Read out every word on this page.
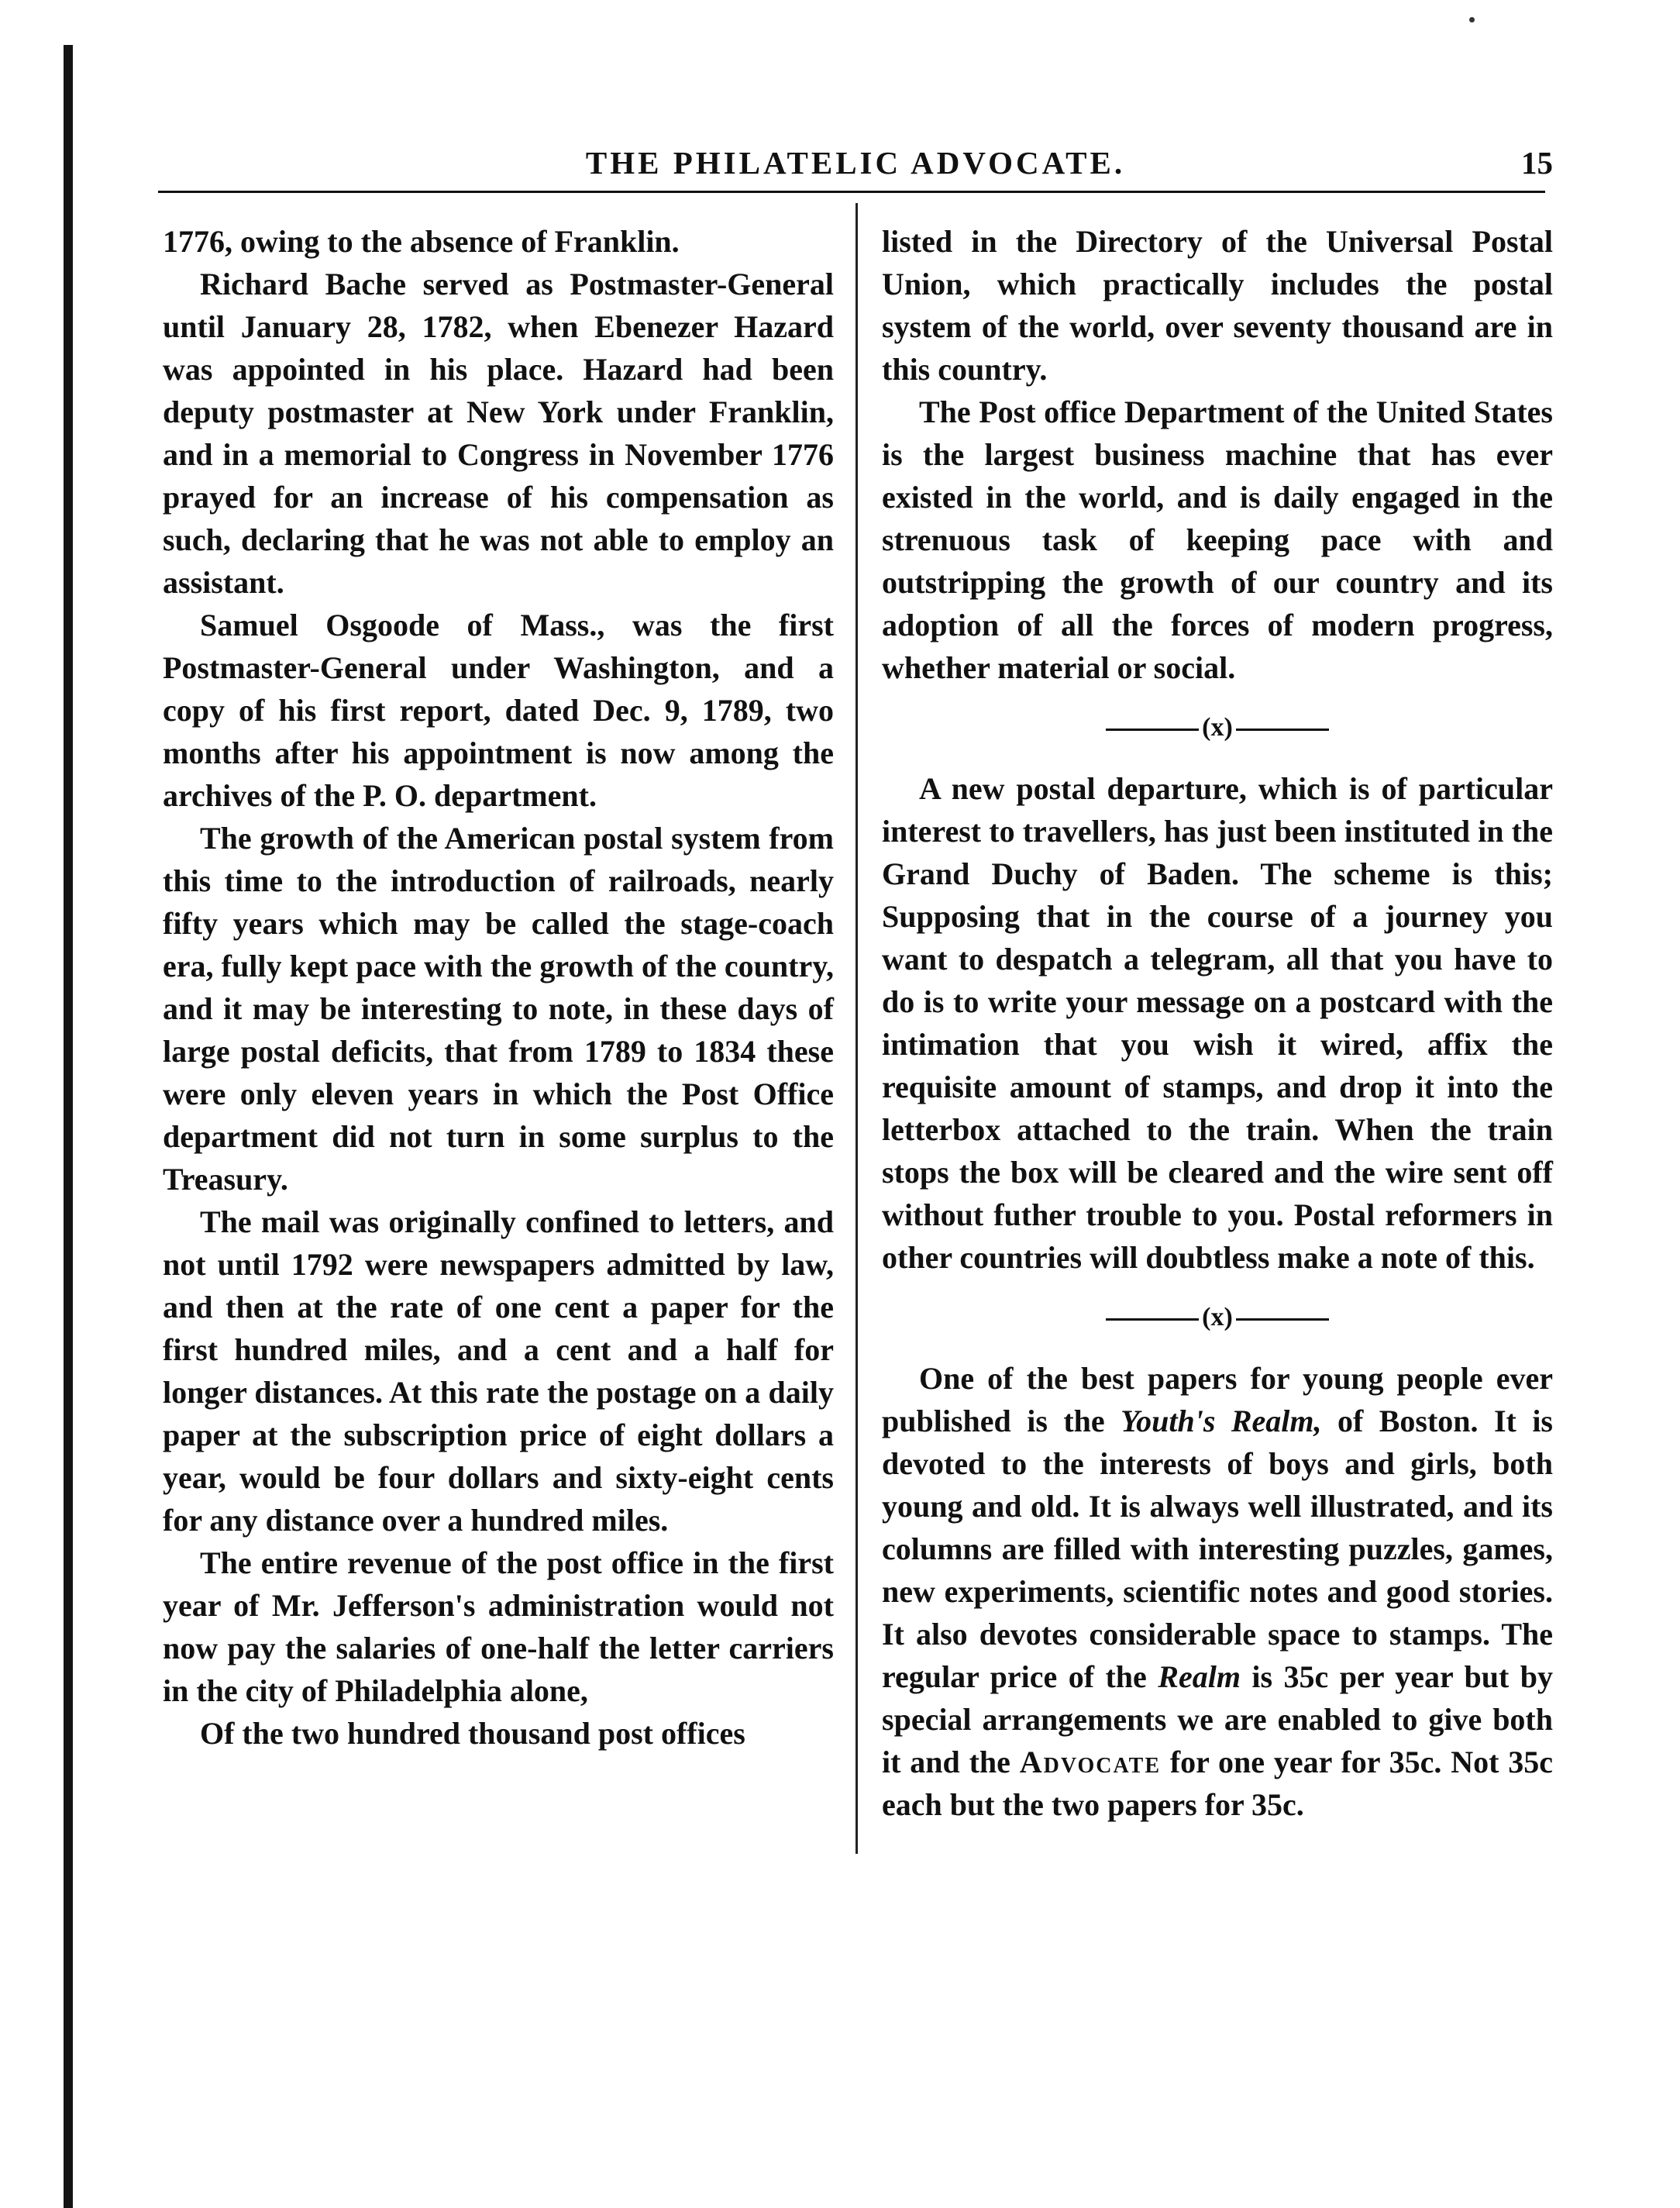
THE PHILATELIC ADVOCATE.	15

1776, owing to the absence of Franklin.

Richard Bache served as Postmaster-General until January 28, 1782, when Ebenezer Hazard was appointed in his place. Hazard had been deputy postmaster at New York under Franklin, and in a memorial to Congress in November 1776 prayed for an increase of his compensation as such, declaring that he was not able to employ an assistant.

Samuel Osgoode of Mass., was the first Postmaster-General under Washington, and a copy of his first report, dated Dec. 9, 1789, two months after his appointment is now among the archives of the P. O. department.

The growth of the American postal system from this time to the introduction of railroads, nearly fifty years which may be called the stage-coach era, fully kept pace with the growth of the country, and it may be interesting to note, in these days of large postal deficits, that from 1789 to 1834 these were only eleven years in which the Post Office department did not turn in some surplus to the Treasury.

The mail was originally confined to letters, and not until 1792 were newspapers admitted by law, and then at the rate of one cent a paper for the first hundred miles, and a cent and a half for longer distances. At this rate the postage on a daily paper at the subscription price of eight dollars a year, would be four dollars and sixty-eight cents for any distance over a hundred miles.

The entire revenue of the post office in the first year of Mr. Jefferson's administration would not now pay the salaries of one-half the letter carriers in the city of Philadelphia alone,

Of the two hundred thousand post offices

listed in the Directory of the Universal Postal Union, which practically includes the postal system of the world, over seventy thousand are in this country.

The Post office Department of the United States is the largest business machine that has ever existed in the world, and is daily engaged in the strenuous task of keeping pace with and outstripping the growth of our country and its adoption of all the forces of modern progress, whether material or social.

(x)

A new postal departure, which is of particular interest to travellers, has just been instituted in the Grand Duchy of Baden. The scheme is this; Supposing that in the course of a journey you want to despatch a telegram, all that you have to do is to write your message on a postcard with the intimation that you wish it wired, affix the requisite amount of stamps, and drop it into the letterbox attached to the train. When the train stops the box will be cleared and the wire sent off without futher trouble to you. Postal reformers in other countries will doubtless make a note of this.

(x)

One of the best papers for young people ever published is the Youth's Realm, of Boston. It is devoted to the interests of boys and girls, both young and old. It is always well illustrated, and its columns are filled with interesting puzzles, games, new experiments, scientific notes and good stories. It also devotes considerable space to stamps. The regular price of the Realm is 35c per year but by special arrangements we are enabled to give both it and the Advocate for one year for 35c. Not 35c each but the two papers for 35c.
